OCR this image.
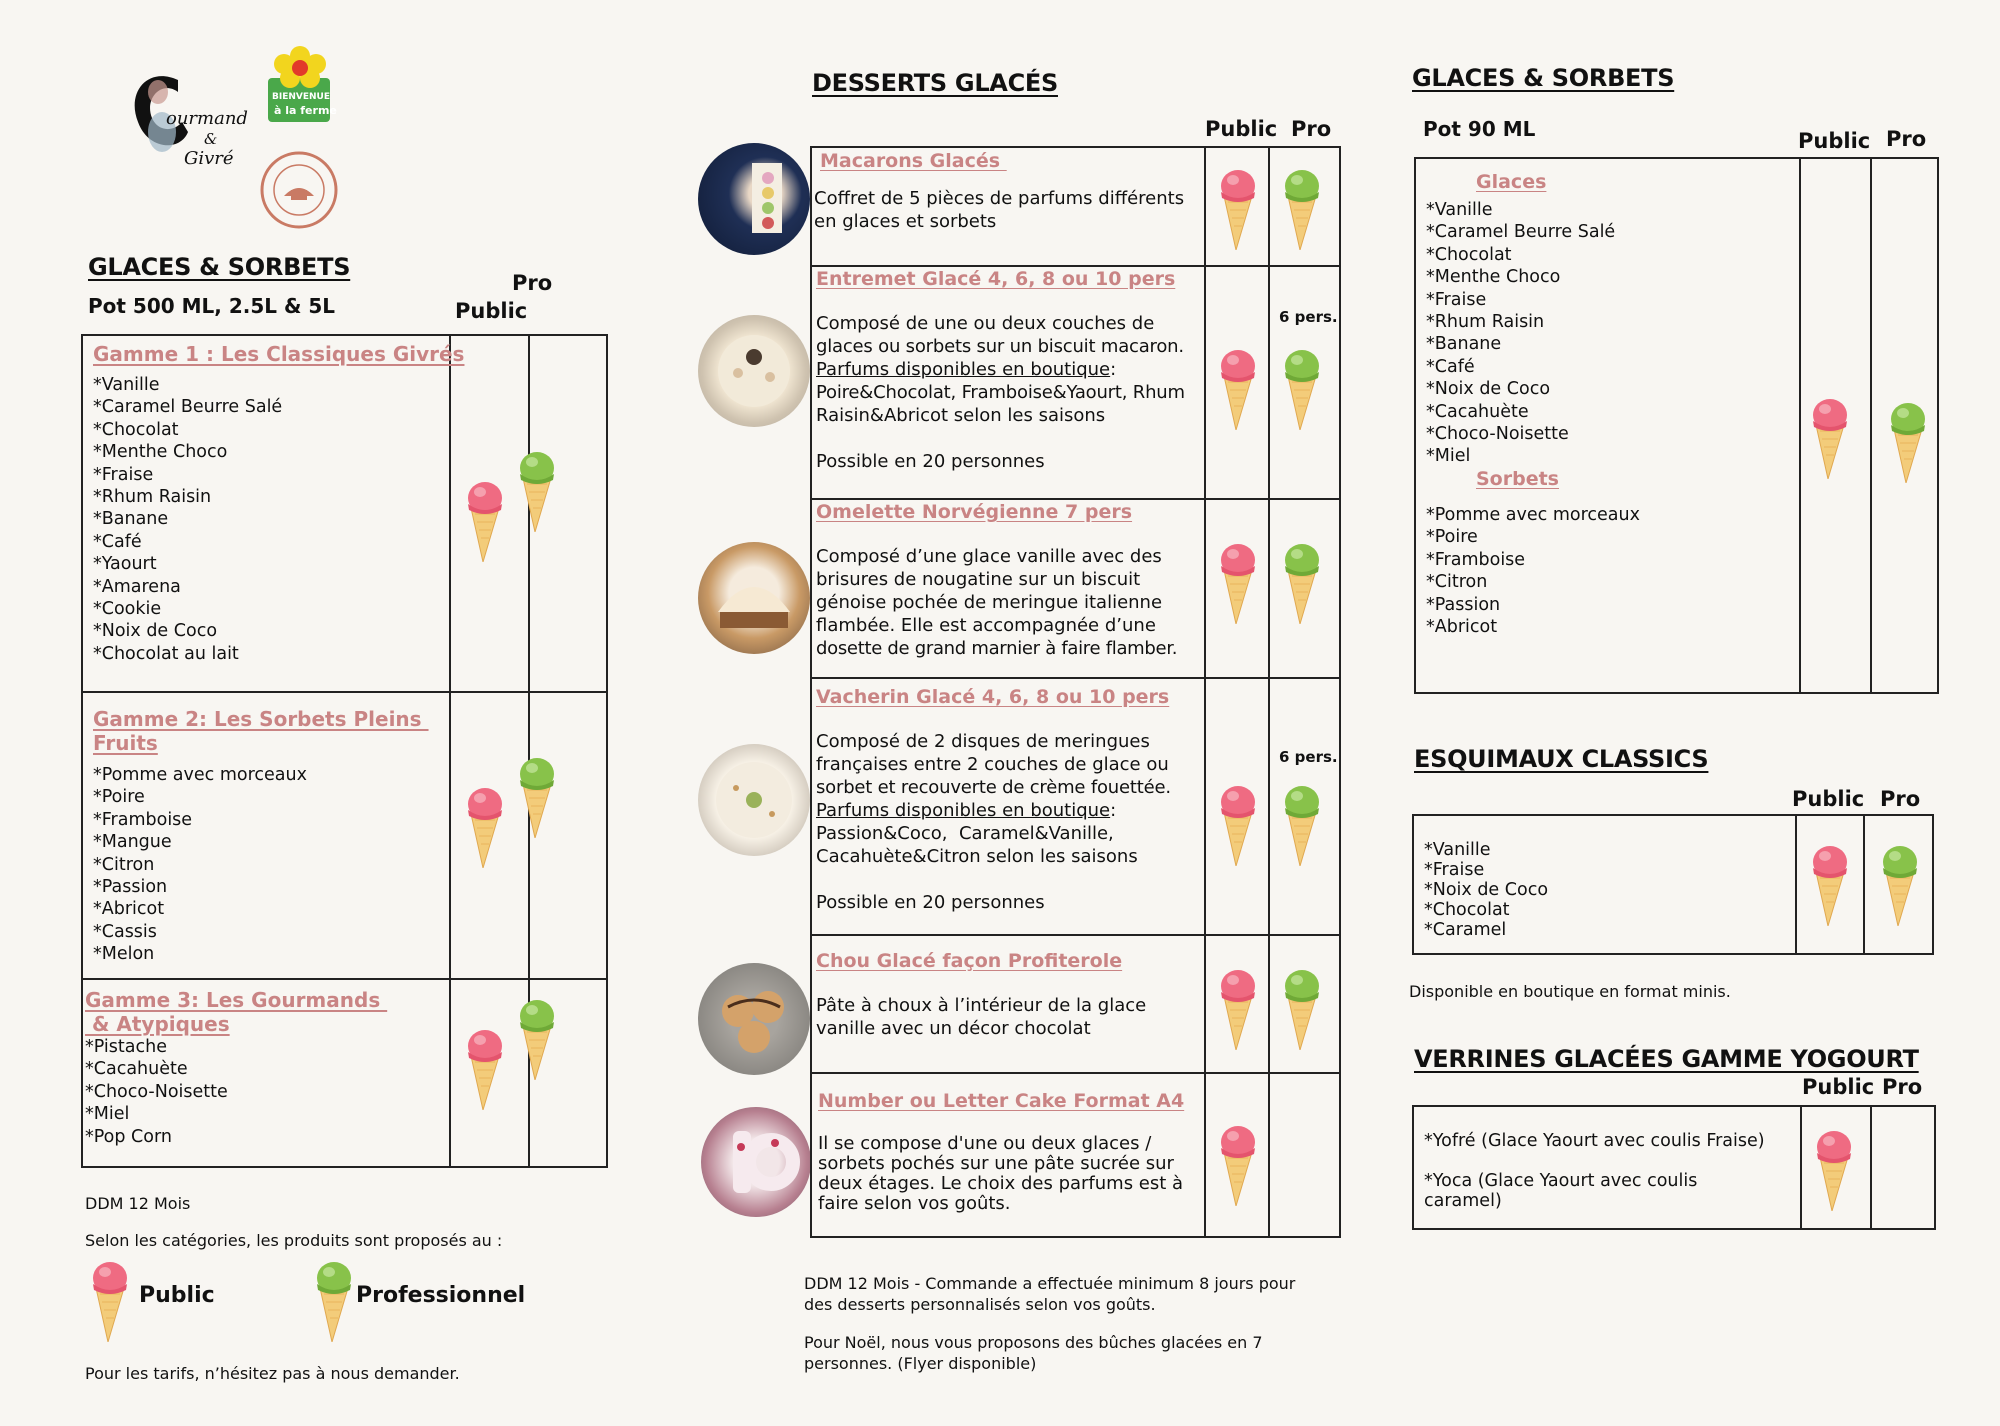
ourmand
&
Givré
BIENVENUE
à la ferme
GLACES & SORBETS
Pot 500 ML, 2.5L & 5L
Pro
Public
Gamme 1 : Les Classiques Givrés
*Vanille
*Caramel Beurre Salé
*Chocolat
*Menthe Choco
*Fraise
*Rhum Raisin
*Banane
*Café
*Yaourt
*Amarena
*Cookie
*Noix de Coco
*Chocolat au lait
Gamme 2: Les Sorbets Pleins
Fruits
*Pomme avec morceaux
*Poire
*Framboise
*Mangue
*Citron
*Passion
*Abricot
*Cassis
*Melon
Gamme 3: Les Gourmands
& Atypiques
*Pistache
*Cacahuète
*Choco-Noisette
*Miel
*Pop Corn
DDM 12 Mois
Selon les catégories, les produits sont proposés au :
Public	Professionnel
Pour les tarifs, n’hésitez pas à nous demander.
DESSERTS GLACÉS
Public Pro
Macarons Glacés
Coffret de 5 pièces de parfums différents
en glaces et sorbets
Entremet Glacé 4, 6, 8 ou 10 pers
Composé de une ou deux couches de
glaces ou sorbets sur un biscuit macaron.
Parfums disponibles en boutique:
Poire&Chocolat, Framboise&Yaourt, Rhum
Raisin&Abricot selon les saisons
Possible en 20 personnes
6 pers.
Omelette Norvégienne 7 pers
Composé d’une glace vanille avec des
brisures de nougatine sur un biscuit
génoise pochée de meringue italienne
flambée. Elle est accompagnée d’une
dosette de grand marnier à faire flamber.
Vacherin Glacé 4, 6, 8 ou 10 pers
Composé de 2 disques de meringues
françaises entre 2 couches de glace ou
sorbet et recouverte de crème fouettée.
Parfums disponibles en boutique:
Passion&Coco,  Caramel&Vanille,
Cacahuète&Citron selon les saisons
Possible en 20 personnes
6 pers.
Chou Glacé façon Profiterole
Pâte à choux à l’intérieur de la glace
vanille avec un décor chocolat
Number ou Letter Cake Format A4
Il se compose d'une ou deux glaces /
sorbets pochés sur une pâte sucrée sur
deux étages. Le choix des parfums est à
faire selon vos goûts.
DDM 12 Mois - Commande a effectuée minimum 8 jours pour
des desserts personnalisés selon vos goûts.
Pour Noël, nous vous proposons des bûches glacées en 7
personnes. (Flyer disponible)
GLACES & SORBETS
Pot 90 ML	Public Pro
Glaces
*Vanille
*Caramel Beurre Salé
*Chocolat
*Menthe Choco
*Fraise
*Rhum Raisin
*Banane
*Café
*Noix de Coco
*Cacahuète
*Choco-Noisette
*Miel
Sorbets
*Pomme avec morceaux
*Poire
*Framboise
*Citron
*Passion
*Abricot
ESQUIMAUX CLASSICS
Public Pro
*Vanille
*Fraise
*Noix de Coco
*Chocolat
*Caramel
Disponible en boutique en format minis.
VERRINES GLACÉES GAMME YOGOURT
Public Pro
*Yofré (Glace Yaourt avec coulis Fraise)
*Yoca (Glace Yaourt avec coulis
caramel)
